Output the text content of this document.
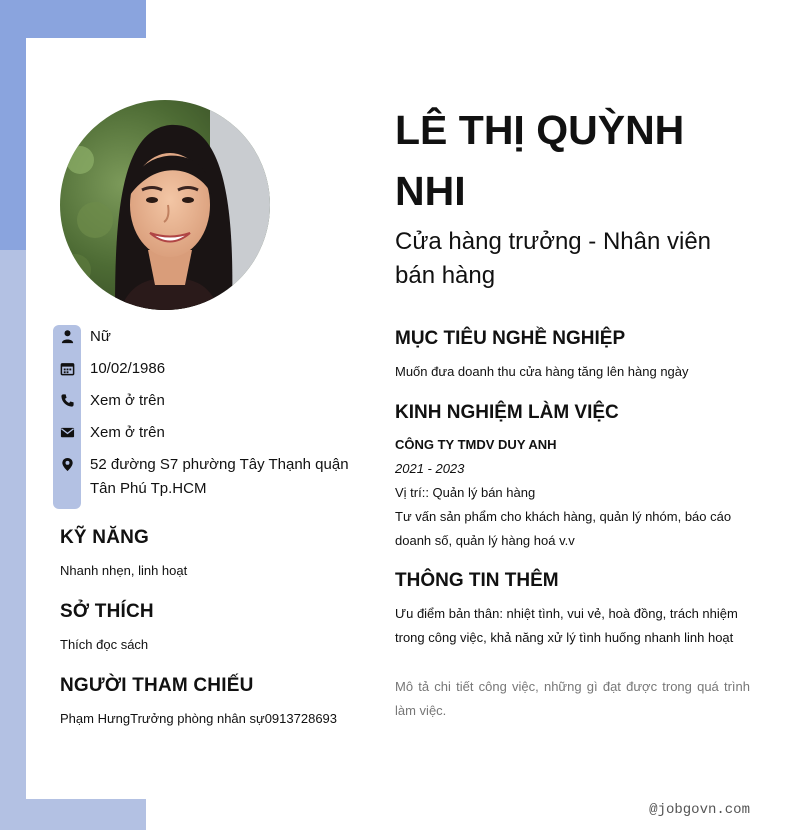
Nữ
10/02/1986
Xem ở trên
Xem ở trên
52 đường S7 phường Tây Thạnh quận Tân Phú Tp.HCM
KỸ NĂNG
Nhanh nhẹn, linh hoạt
SỞ THÍCH
Thích đọc sách
NGƯỜI THAM CHIẾU
Phạm HưngTrưởng phòng nhân sự0913728693
LÊ THỊ QUỲNH NHI
Cửa hàng trưởng - Nhân viên bán hàng
MỤC TIÊU NGHỀ NGHIỆP
Muốn đưa doanh thu cửa hàng tăng lên hàng ngày
KINH NGHIỆM LÀM VIỆC
CÔNG TY TMDV DUY ANH
2021 - 2023
Vị trí:: Quản lý bán hàng
Tư vấn sản phẩm cho khách hàng, quản lý nhóm, báo cáo doanh số, quản lý hàng hoá v.v
THÔNG TIN THÊM
Ưu điểm bản thân: nhiệt tình, vui vẻ, hoà đồng, trách nhiệm trong công việc, khả năng xử lý tình huống nhanh linh hoạt
Mô tả chi tiết công việc, những gì đạt được trong quá trình làm việc.
@jobgovn.com
